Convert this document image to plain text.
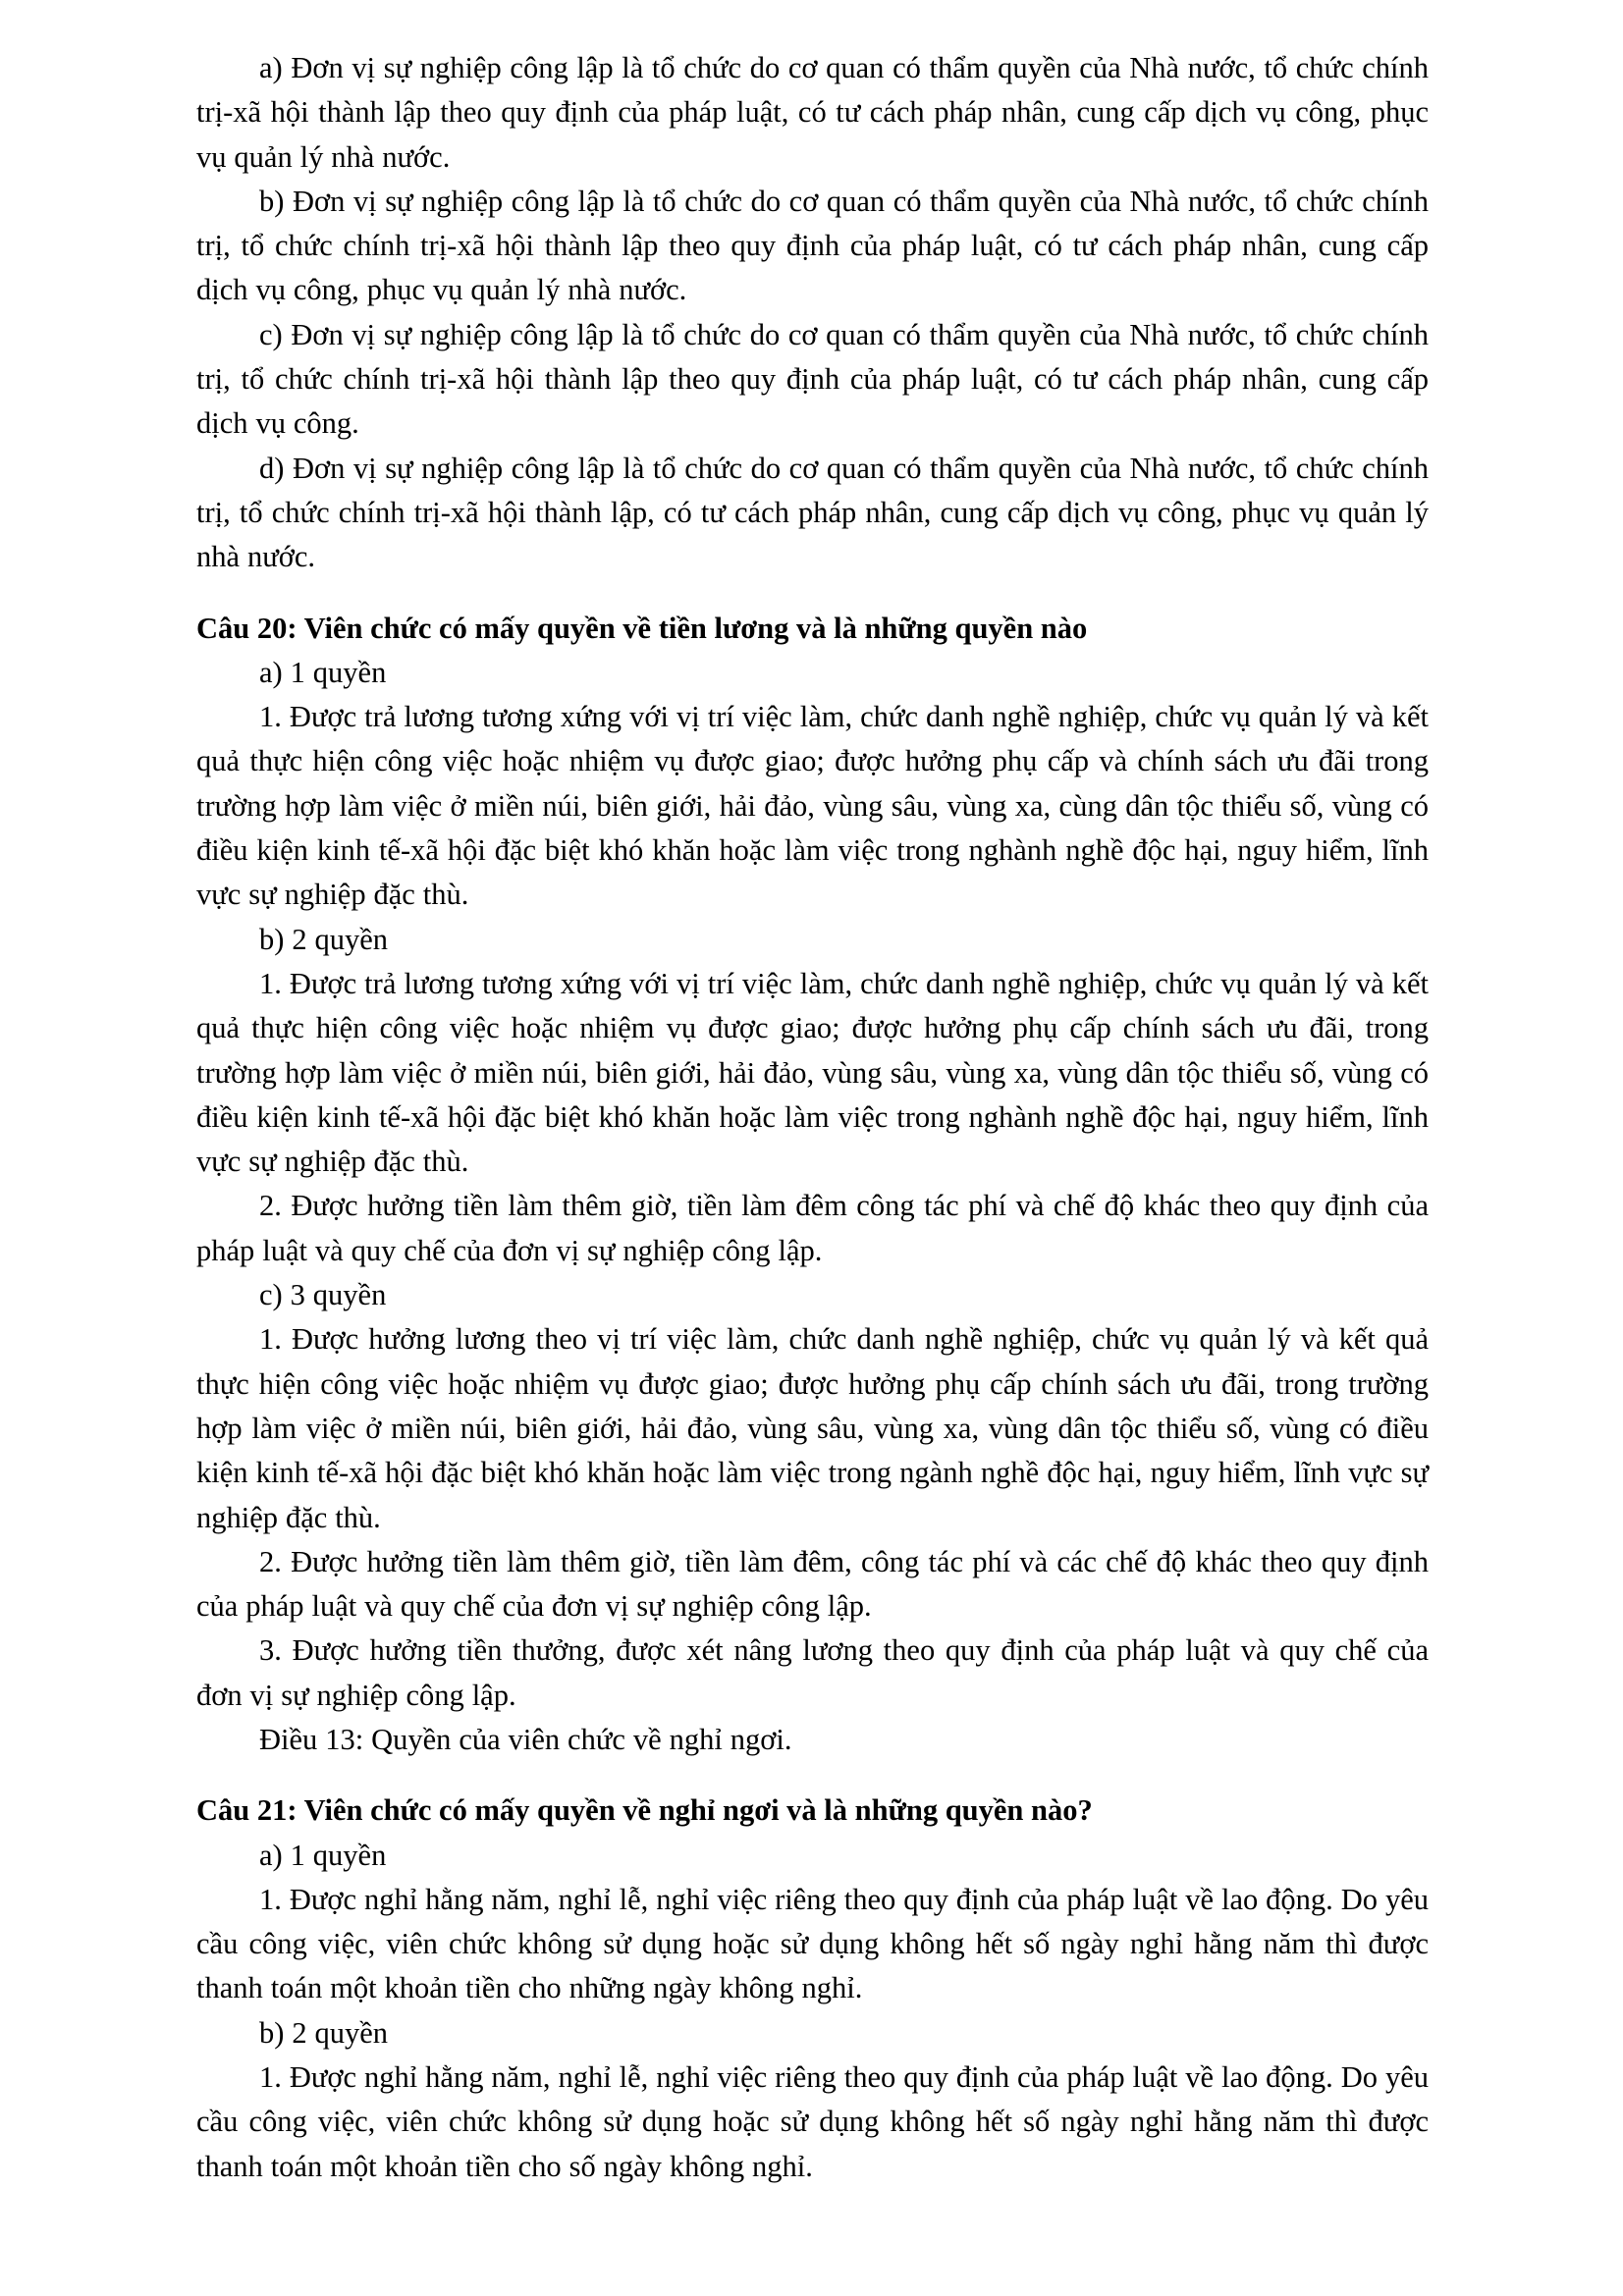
a) Đơn vị sự nghiệp công lập là tổ chức do cơ quan có thẩm quyền của Nhà nước, tổ chức chính trị-xã hội thành lập theo quy định của pháp luật, có tư cách pháp nhân, cung cấp dịch vụ công, phục vụ quản lý nhà nước.

b) Đơn vị sự nghiệp công lập là tổ chức do cơ quan có thẩm quyền của Nhà nước, tổ chức chính trị, tổ chức chính trị-xã hội thành lập theo quy định của pháp luật, có tư cách pháp nhân, cung cấp dịch vụ công, phục vụ quản lý nhà nước.

c) Đơn vị sự nghiệp công lập là tổ chức do cơ quan có thẩm quyền của Nhà nước, tổ chức chính trị, tổ chức chính trị-xã hội thành lập theo quy định của pháp luật, có tư cách pháp nhân, cung cấp dịch vụ công.

d) Đơn vị sự nghiệp công lập là tổ chức do cơ quan có thẩm quyền của Nhà nước, tổ chức chính trị, tổ chức chính trị-xã hội thành lập, có tư cách pháp nhân, cung cấp dịch vụ công, phục vụ quản lý nhà nước.

Câu 20: Viên chức có mấy quyền về tiền lương và là những quyền nào

a) 1 quyền

1. Được trả lương tương xứng với vị trí việc làm, chức danh nghề nghiệp, chức vụ quản lý và kết quả thực hiện công việc hoặc nhiệm vụ được giao; được hưởng phụ cấp và chính sách ưu đãi trong trường hợp làm việc ở miền núi, biên giới, hải đảo, vùng sâu, vùng xa, cùng dân tộc thiểu số, vùng có điều kiện kinh tế-xã hội đặc biệt khó khăn hoặc làm việc trong nghành nghề độc hại, nguy hiểm, lĩnh vực sự nghiệp đặc thù.

b) 2 quyền

1. Được trả lương tương xứng với vị trí việc làm, chức danh nghề nghiệp, chức vụ quản lý và kết quả thực hiện công việc hoặc nhiệm vụ được giao; được hưởng phụ cấp chính sách ưu đãi, trong trường hợp làm việc ở miền núi, biên giới, hải đảo, vùng sâu, vùng xa, vùng dân tộc thiểu số, vùng có điều kiện kinh tế-xã hội đặc biệt khó khăn hoặc làm việc trong nghành nghề độc hại, nguy hiểm, lĩnh vực sự nghiệp đặc thù.

2. Được hưởng tiền làm thêm giờ, tiền làm đêm công tác phí và chế độ khác theo quy định của pháp luật và quy chế của đơn vị sự nghiệp công lập.

c) 3 quyền

1. Được hưởng lương theo vị trí việc làm, chức danh nghề nghiệp, chức vụ quản lý và kết quả thực hiện công việc hoặc nhiệm vụ được giao; được hưởng phụ cấp chính sách ưu đãi, trong trường hợp làm việc ở miền núi, biên giới, hải đảo, vùng sâu, vùng xa, vùng dân tộc thiểu số, vùng có điều kiện kinh tế-xã hội đặc biệt khó khăn hoặc làm việc trong ngành nghề độc hại, nguy hiểm, lĩnh vực sự nghiệp đặc thù.

2. Được hưởng tiền làm thêm giờ, tiền làm đêm, công tác phí và các chế độ khác theo quy định của pháp luật và quy chế của đơn vị sự nghiệp công lập.

3. Được hưởng tiền thưởng, được xét nâng lương theo quy định của pháp luật và quy chế của đơn vị sự nghiệp công lập.

Điều 13: Quyền của viên chức về nghỉ ngơi.

Câu 21: Viên chức có mấy quyền về nghỉ ngơi và là những quyền nào?

a) 1 quyền

1. Được nghỉ hằng năm, nghỉ lễ, nghỉ việc riêng theo quy định của pháp luật về lao động. Do yêu cầu công việc, viên chức không sử dụng hoặc sử dụng không hết số ngày nghỉ hằng năm thì được thanh toán một khoản tiền cho những ngày không nghỉ.

b) 2 quyền

1. Được nghỉ hằng năm, nghỉ lễ, nghỉ việc riêng theo quy định của pháp luật về lao động. Do yêu cầu công việc, viên chức không sử dụng hoặc sử dụng không hết số ngày nghỉ hằng năm thì được thanh toán một khoản tiền cho số ngày không nghỉ.
